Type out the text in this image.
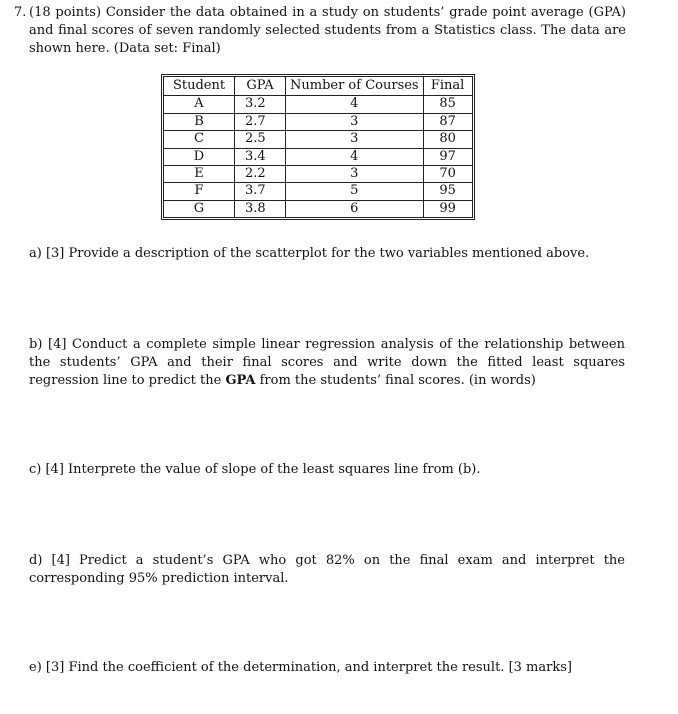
7. (18 points) Consider the data obtained in a study on students’ grade point average (GPA) and final scores of seven randomly selected students from a Statistics class. The data are shown here. (Data set: Final)
Student	GPA	Number of Courses	Final
A	3.2	4	85
B	2.7	3	87
C	2.5	3	80
D	3.4	4	97
E	2.2	3	70
F	3.7	5	95
G	3.8	6	99
a) [3] Provide a description of the scatterplot for the two variables mentioned above.
b) [4] Conduct a complete simple linear regression analysis of the relationship between the students’ GPA and their final scores and write down the fitted least squares regression line to predict the GPA from the students’ final scores. (in words)
c) [4] Interprete the value of slope of the least squares line from (b).
d) [4] Predict a student’s GPA who got 82% on the final exam and interpret the corresponding 95% prediction interval.
e) [3] Find the coefficient of the determination, and interpret the result. [3 marks]
